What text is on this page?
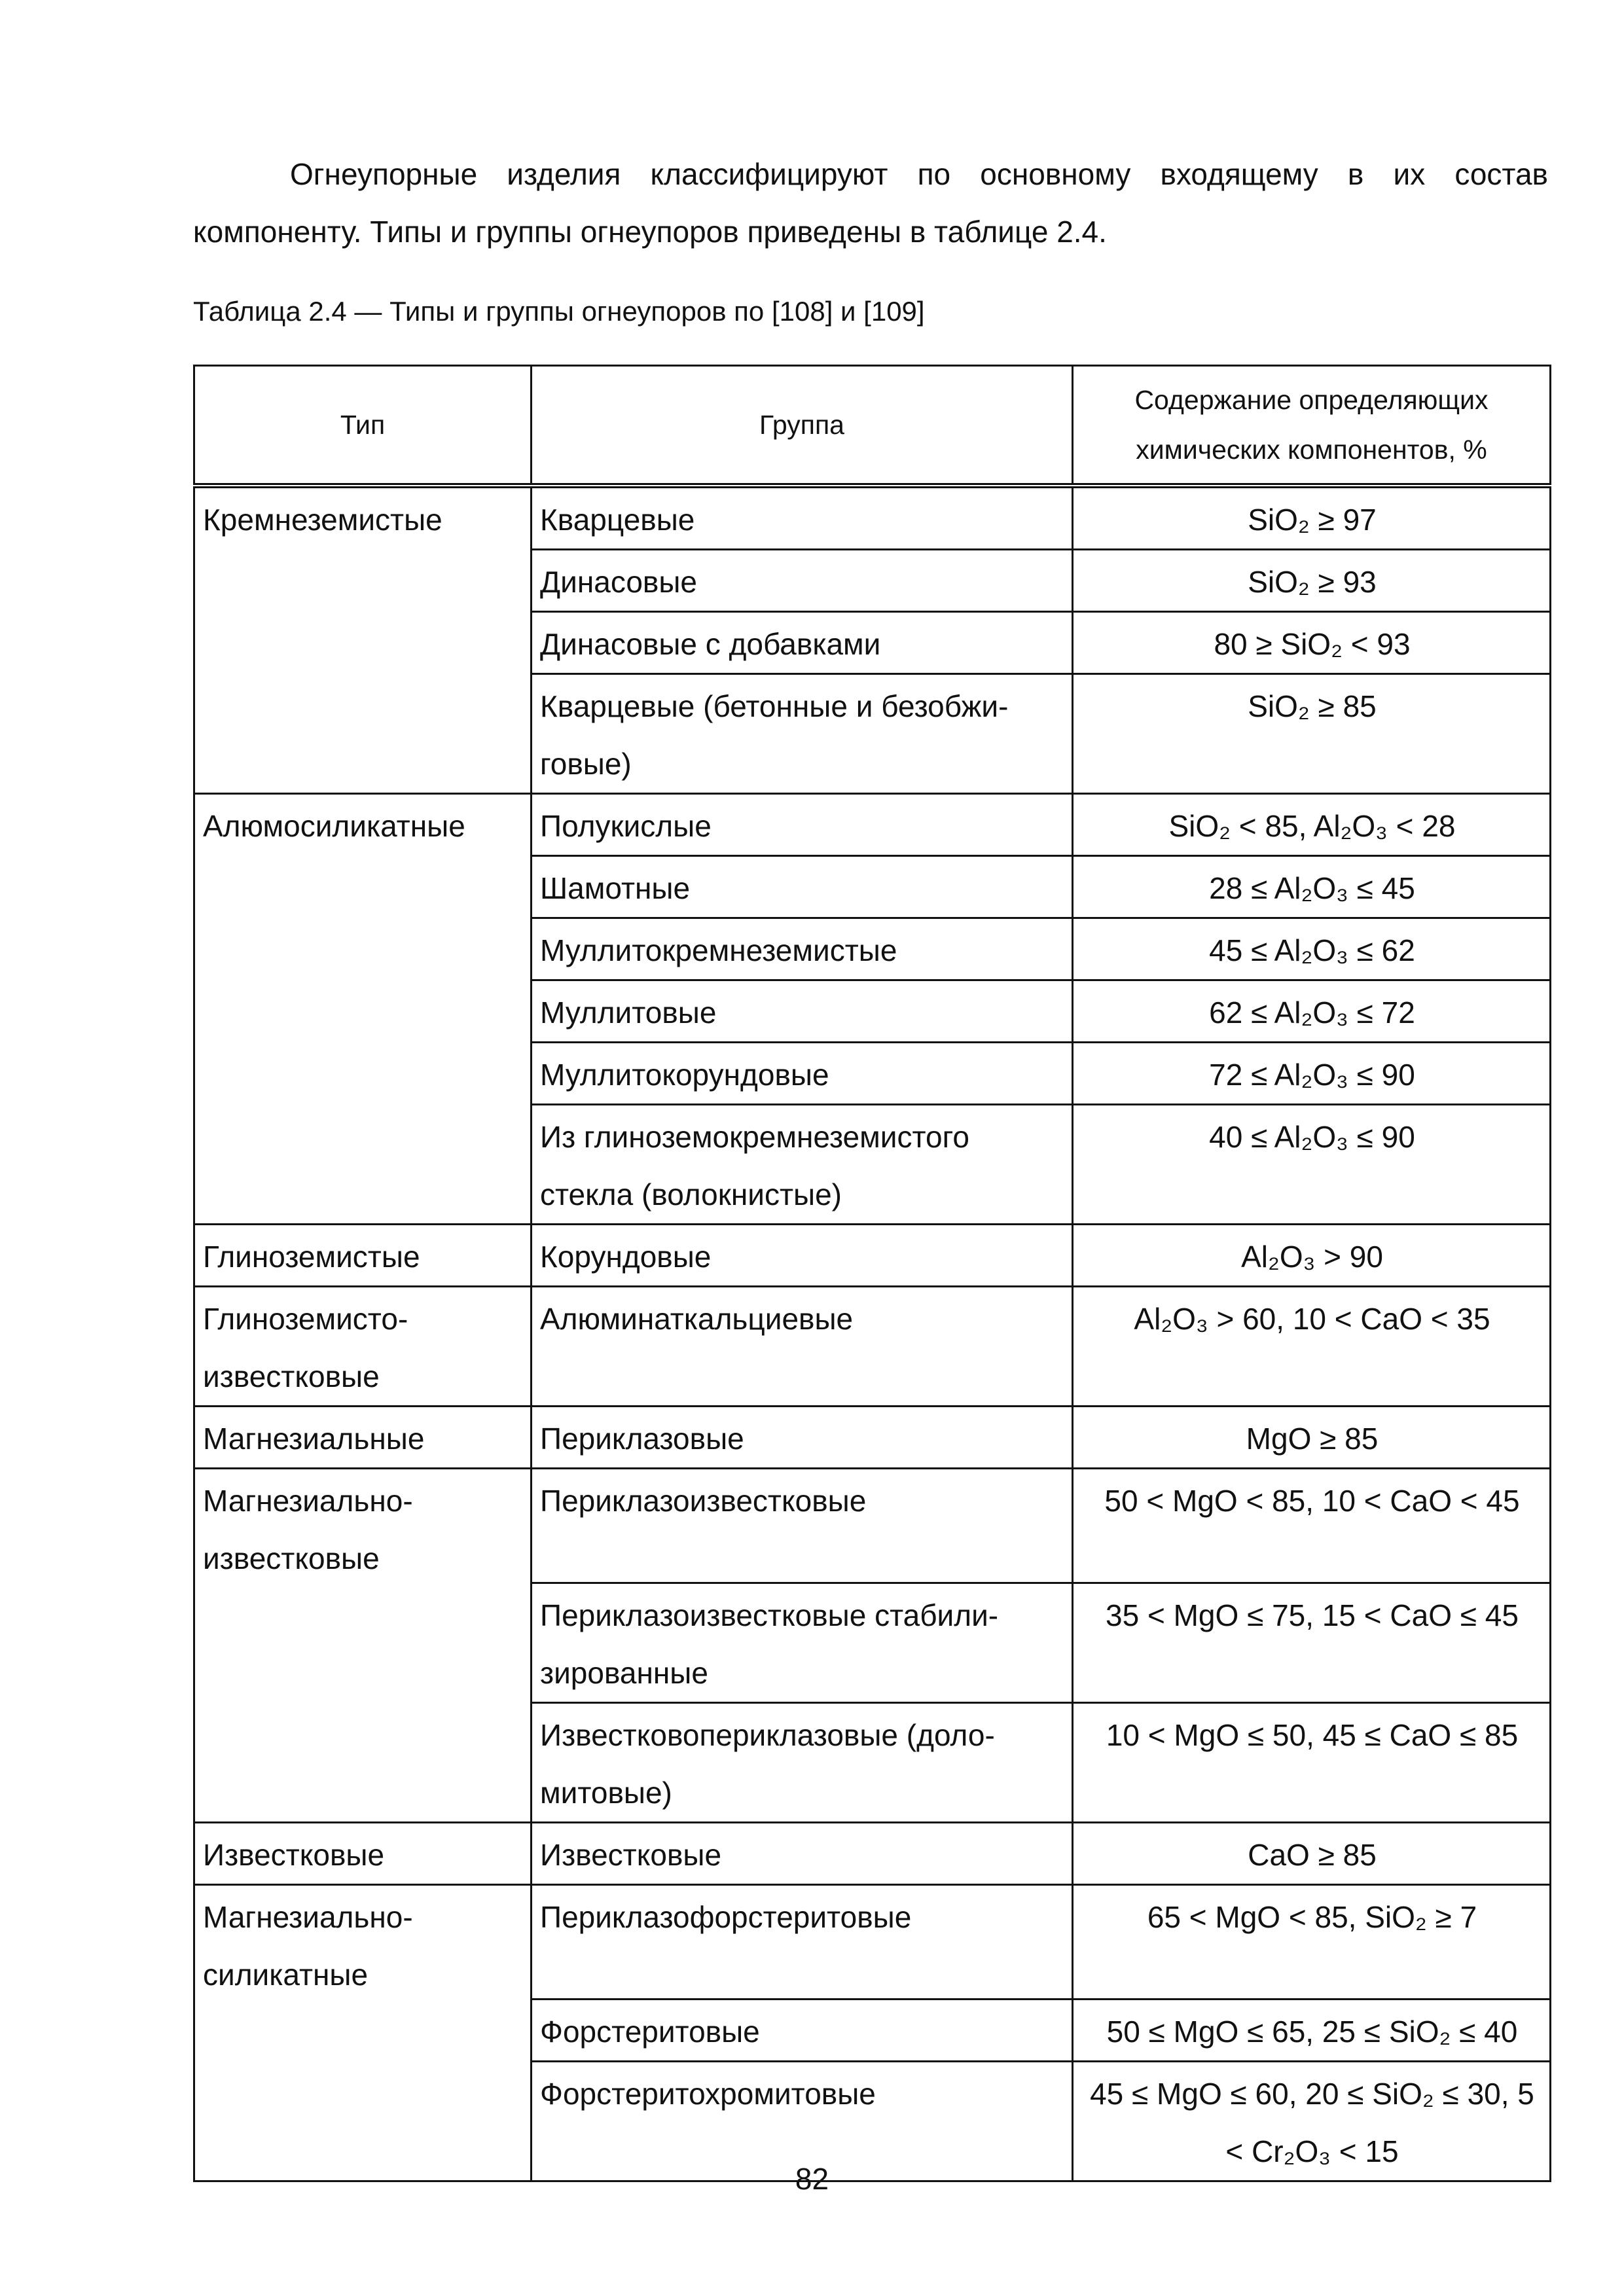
Огнеупорные изделия классифицируют по основному входящему в их состав компоненту. Типы и группы огнеупоров приведены в таблице 2.4.

Таблица 2.4 — Типы и группы огнеупоров по [108] и [109]

Тип	Группа	Содержание определяющих химических компонентов, %
Кремнеземистые	Кварцевые	SiO₂ ≥ 97
	Динасовые	SiO₂ ≥ 93
	Динасовые с добавками	80 ≥ SiO₂ < 93
	Кварцевые (бетонные и безобжи-говые)	SiO₂ ≥ 85
Алюмосиликатные	Полукислые	SiO₂ < 85, Al₂O₃ < 28
	Шамотные	28 ≤ Al₂O₃ ≤ 45
	Муллитокремнеземистые	45 ≤ Al₂O₃ ≤ 62
	Муллитовые	62 ≤ Al₂O₃ ≤ 72
	Муллитокорундовые	72 ≤ Al₂O₃ ≤ 90
	Из глиноземокремнеземистого стекла (волокнистые)	40 ≤ Al₂O₃ ≤ 90
Глиноземистые	Корундовые	Al₂O₃ > 90
Глиноземисто-известковые	Алюминаткальциевые	Al₂O₃ > 60, 10 < CaO < 35
Магнезиальные	Периклазовые	MgO ≥ 85
Магнезиально-известковые	Периклазоизвестковые	50 < MgO < 85, 10 < CaO < 45
	Периклазоизвестковые стабили-зированные	35 < MgO ≤ 75, 15 < CaO ≤ 45
	Известковопериклазовые (доло-митовые)	10 < MgO ≤ 50, 45 ≤ CaO ≤ 85
Известковые	Известковые	CaO ≥ 85
Магнезиально-силикатные	Периклазофорстеритовые	65 < MgO < 85, SiO₂ ≥ 7
	Форстеритовые	50 ≤ MgO ≤ 65, 25 ≤ SiO₂ ≤ 40
	Форстеритохромитовые	45 ≤ MgO ≤ 60, 20 ≤ SiO₂ ≤ 30, 5 < Cr₂O₃ < 15

82
